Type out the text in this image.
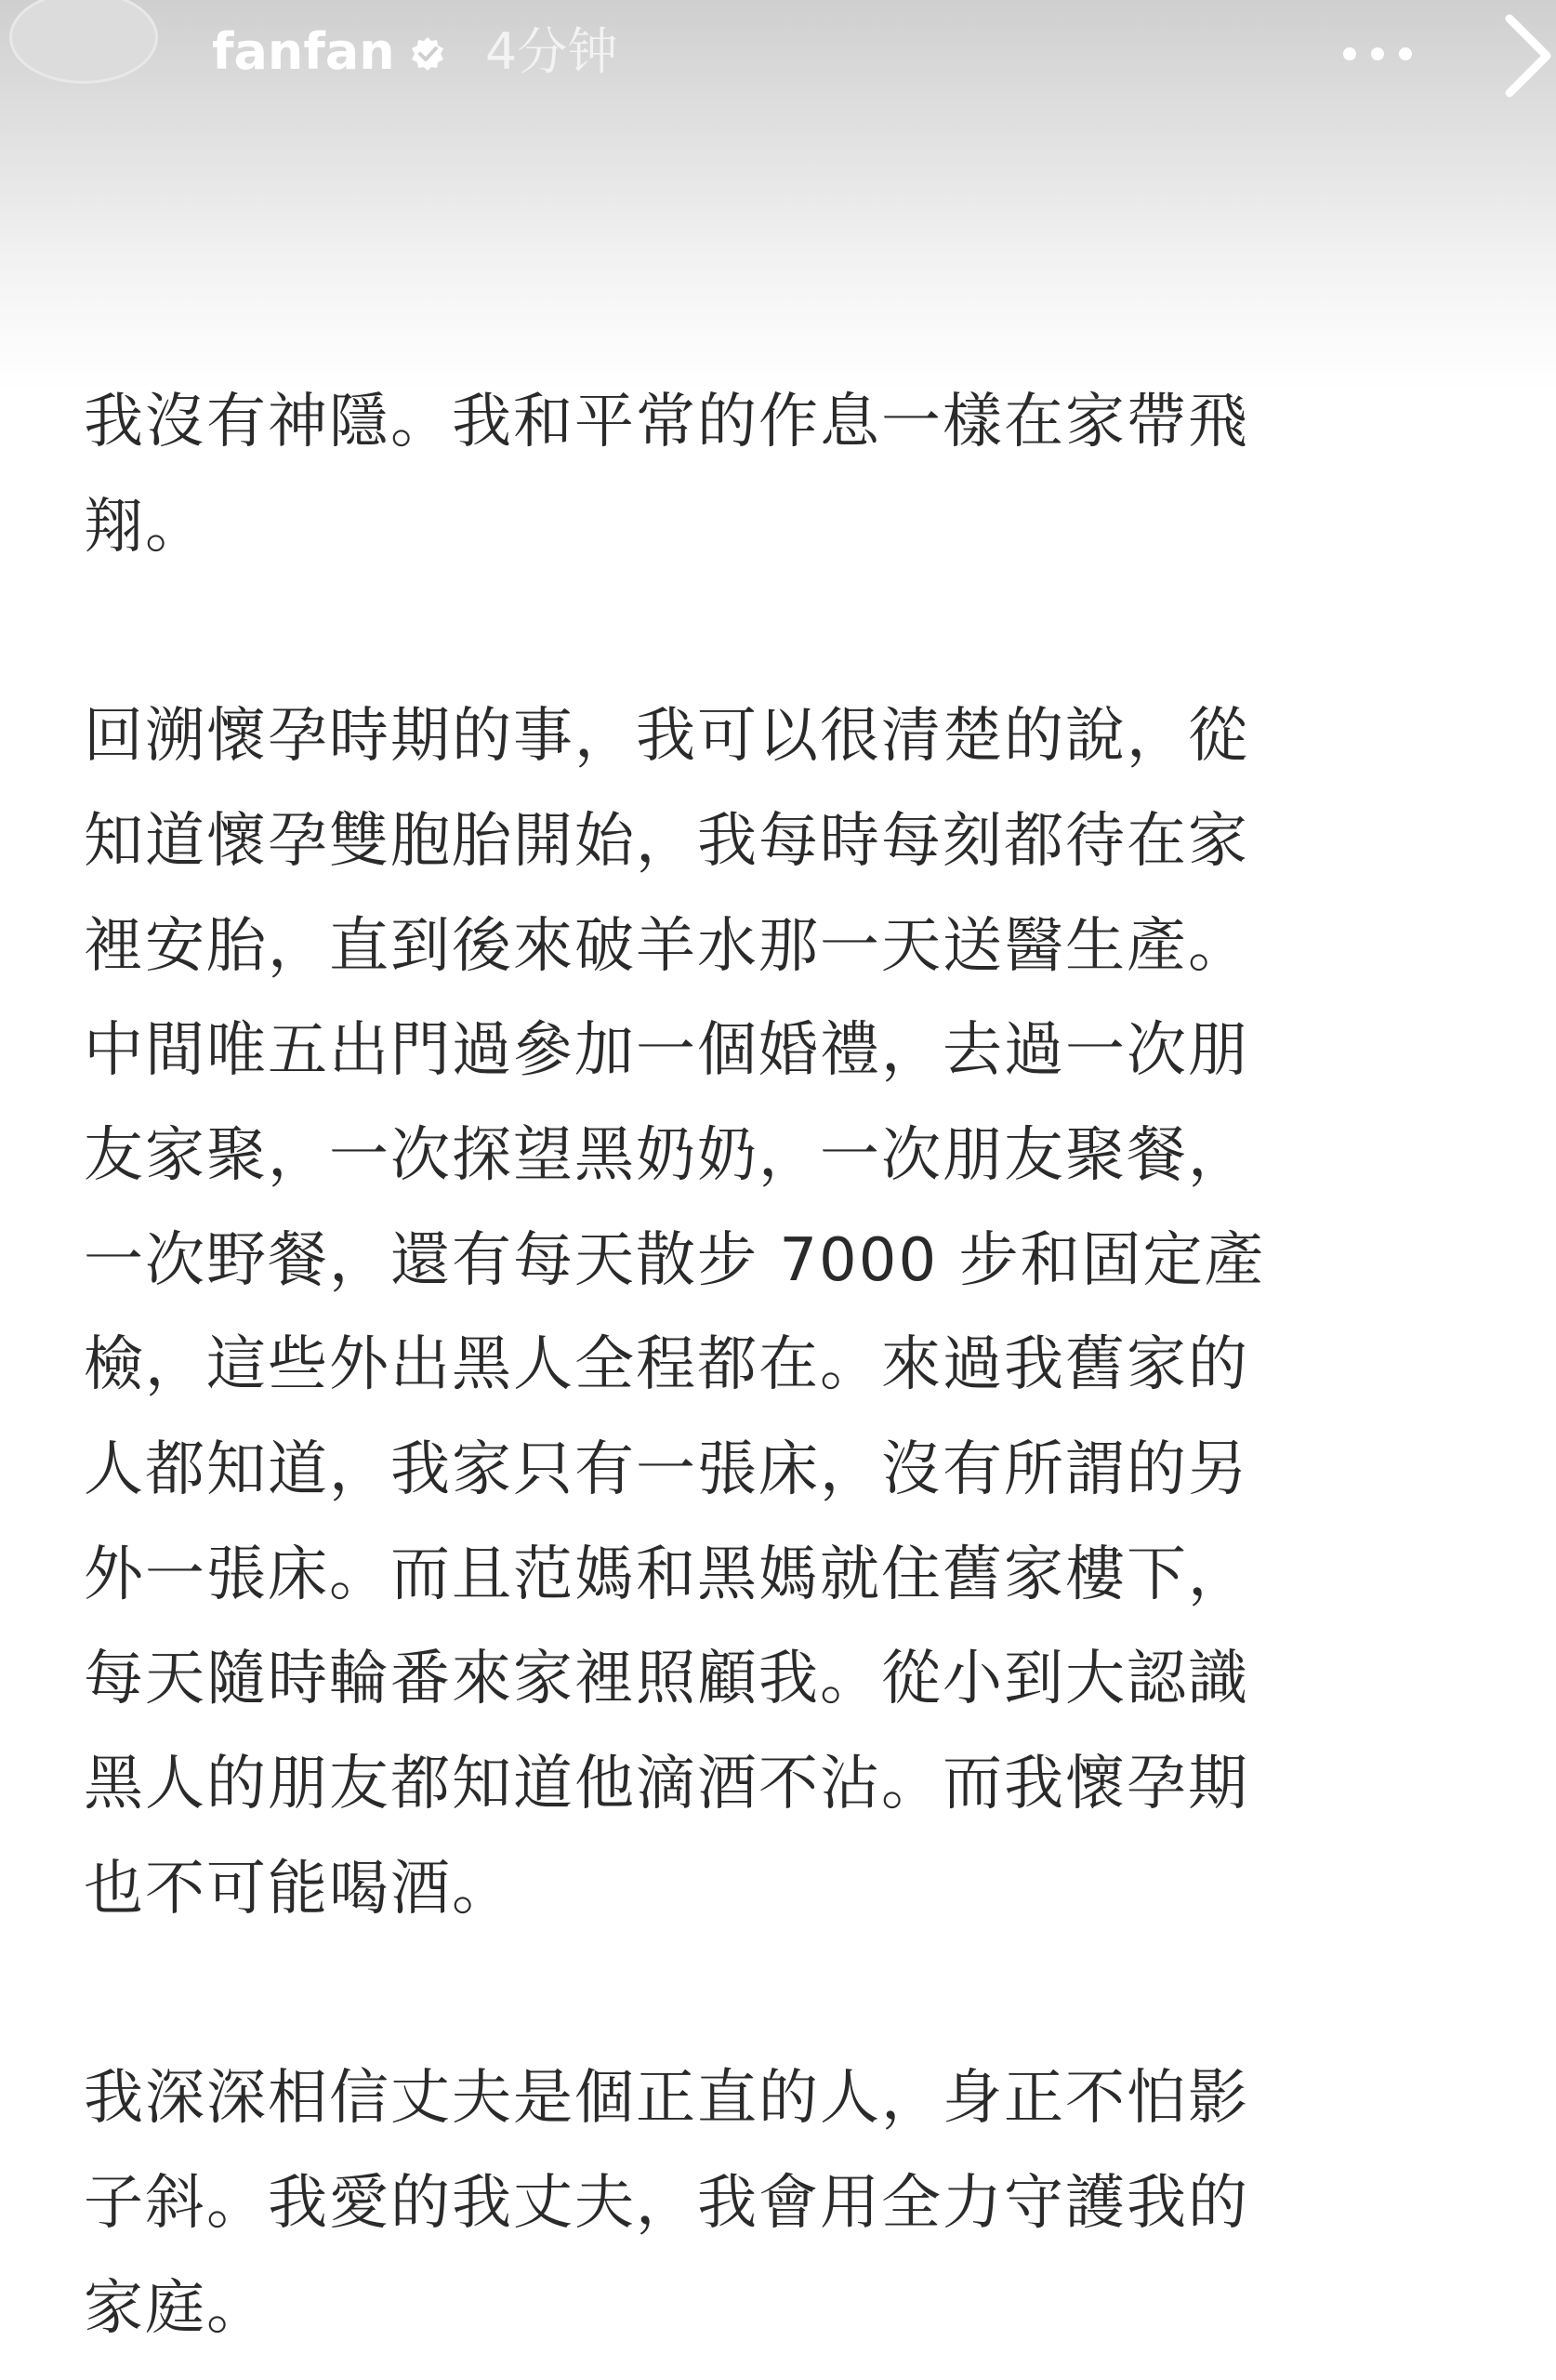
fanfan 4分钟

我沒有神隱。我和平常的作息一樣在家帶飛
翔。

回溯懷孕時期的事，我可以很清楚的說，從
知道懷孕雙胞胎開始，我每時每刻都待在家
裡安胎，直到後來破羊水那一天送醫生產。
中間唯五出門過參加一個婚禮，去過一次朋
友家聚，一次探望黑奶奶，一次朋友聚餐，
一次野餐，還有每天散步 7000 步和固定產
檢，這些外出黑人全程都在。來過我舊家的
人都知道，我家只有一張床，沒有所謂的另
外一張床。而且范媽和黑媽就住舊家樓下，
每天隨時輪番來家裡照顧我。從小到大認識
黑人的朋友都知道他滴酒不沾。而我懷孕期
也不可能喝酒。

我深深相信丈夫是個正直的人，身正不怕影
子斜。我愛的我丈夫，我會用全力守護我的
家庭。
